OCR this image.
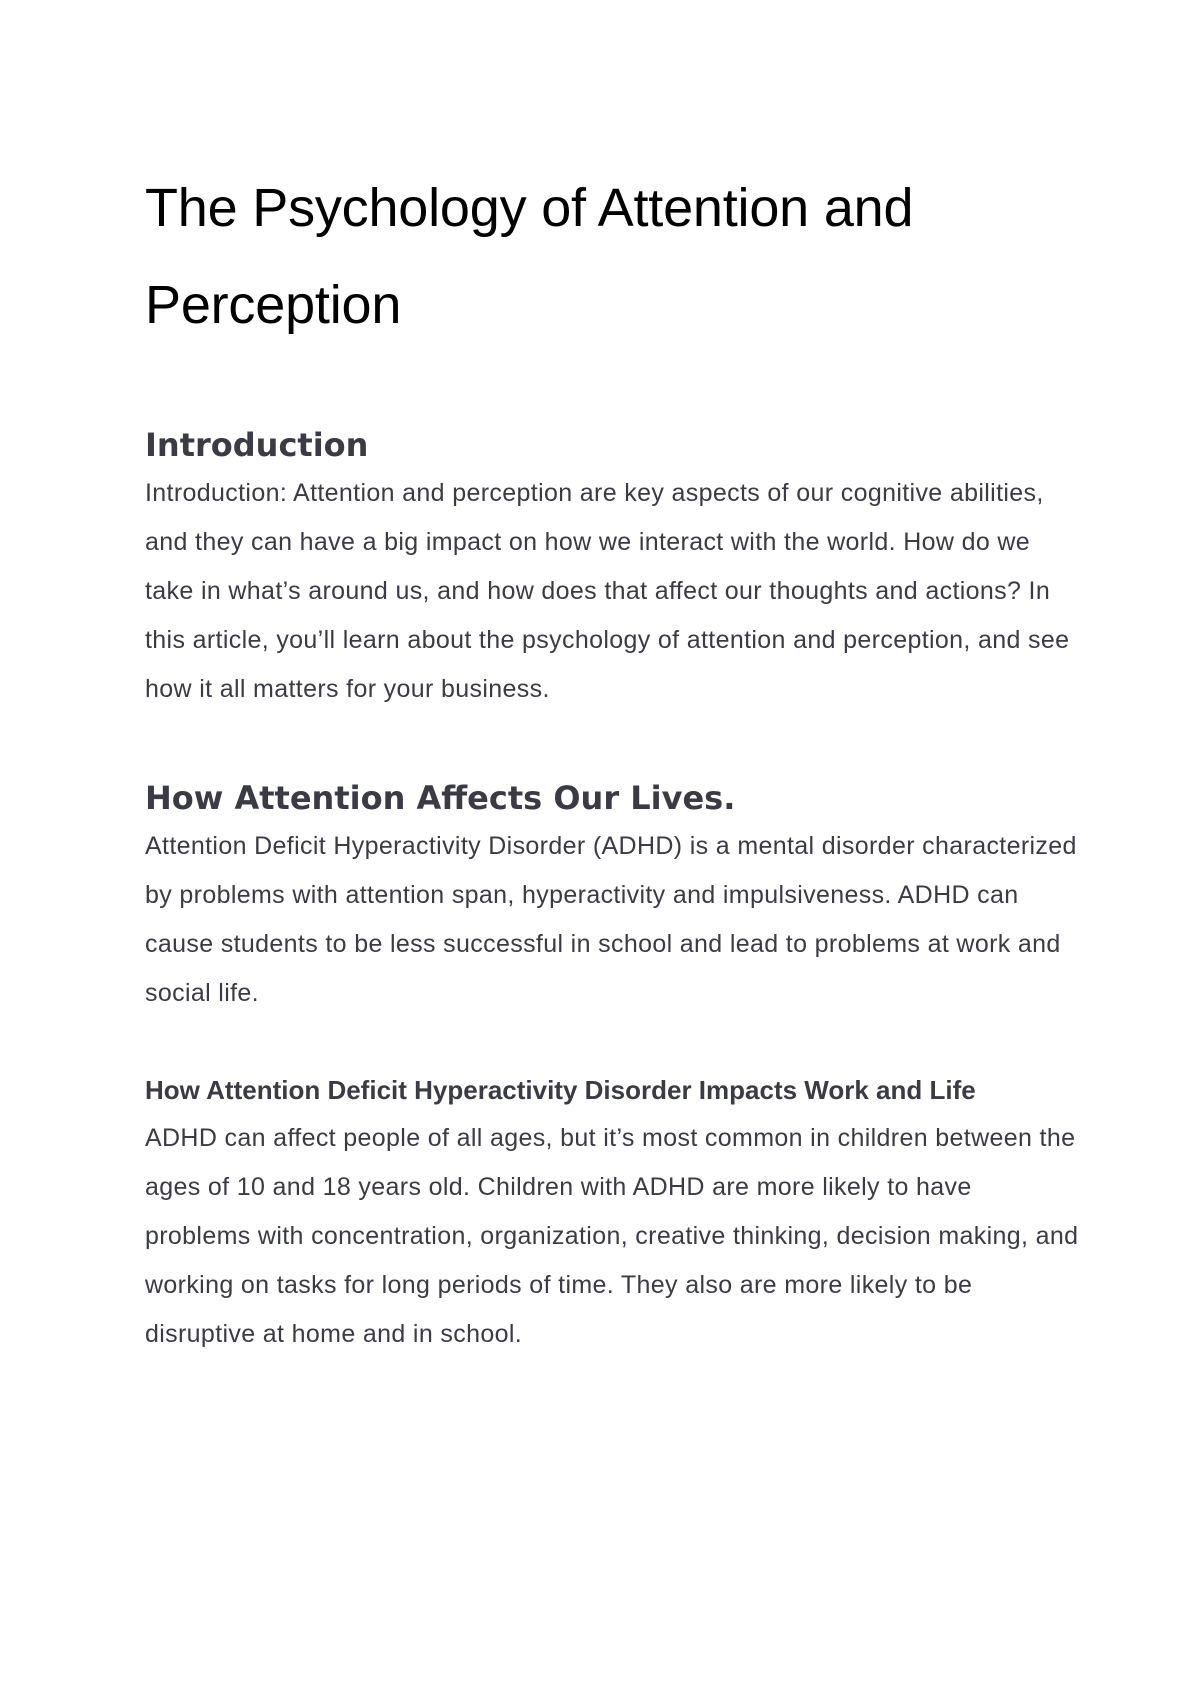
The Psychology of Attention and Perception
Introduction

Introduction: Attention and perception are key aspects of our cognitive abilities, and they can have a big impact on how we interact with the world. How do we take in what’s around us, and how does that affect our thoughts and actions? In this article, you’ll learn about the psychology of attention and perception, and see how it all matters for your business.

How Attention Affects Our Lives.

Attention Deficit Hyperactivity Disorder (ADHD) is a mental disorder characterized by problems with attention span, hyperactivity and impulsiveness. ADHD can cause students to be less successful in school and lead to problems at work and social life.

How Attention Deficit Hyperactivity Disorder Impacts Work and Life

ADHD can affect people of all ages, but it’s most common in children between the ages of 10 and 18 years old. Children with ADHD are more likely to have problems with concentration, organization, creative thinking, decision making, and working on tasks for long periods of time. They also are more likely to be disruptive at home and in school.
